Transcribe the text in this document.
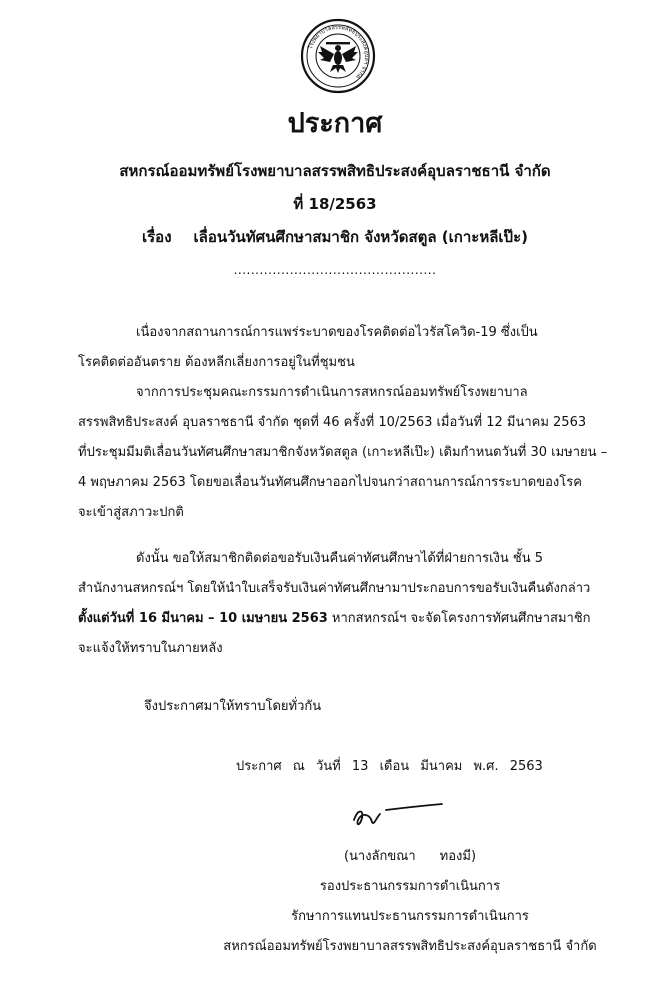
โรงพยาบาลสรรพสิทธิประสงค์อุบลฯ จำกัด
ประกาศ
สหกรณ์ออมทรัพย์โรงพยาบาลสรรพสิทธิประสงค์อุบลราชธานี จำกัด
ที่ 18/2563
เรื่อง เลื่อนวันทัศนศึกษาสมาชิก จังหวัดสตูล (เกาะหลีเป๊ะ)
...............................................
เนื่องจากสถานการณ์การแพร่ระบาดของโรคติดต่อไวรัสโควิด-19 ซึ่งเป็น
โรคติดต่ออันตราย ต้องหลีกเลี่ยงการอยู่ในที่ชุมชน
จากการประชุมคณะกรรมการดำเนินการสหกรณ์ออมทรัพย์โรงพยาบาล
สรรพสิทธิประสงค์ อุบลราชธานี จำกัด ชุดที่ 46 ครั้งที่ 10/2563 เมื่อวันที่ 12 มีนาคม 2563
ที่ประชุมมีมติเลื่อนวันทัศนศึกษาสมาชิกจังหวัดสตูล (เกาะหลีเป๊ะ) เดิมกำหนดวันที่ 30 เมษายน –
4 พฤษภาคม 2563 โดยขอเลื่อนวันทัศนศึกษาออกไปจนกว่าสถานการณ์การระบาดของโรค
จะเข้าสู่สภาวะปกติ
ดังนั้น ขอให้สมาชิกติดต่อขอรับเงินคืนค่าทัศนศึกษาได้ที่ฝ่ายการเงิน ชั้น 5
สำนักงานสหกรณ์ฯ โดยให้นำใบเสร็จรับเงินค่าทัศนศึกษามาประกอบการขอรับเงินคืนดังกล่าว
ตั้งแต่วันที่ 16 มีนาคม – 10 เมษายน 2563 หากสหกรณ์ฯ จะจัดโครงการทัศนศึกษาสมาชิก
จะแจ้งให้ทราบในภายหลัง
จึงประกาศมาให้ทราบโดยทั่วกัน
ประกาศ ณ วันที่ 13 เดือน มีนาคม พ.ศ. 2563
(นางลักขณา ทองมี)
รองประธานกรรมการดำเนินการ
รักษาการแทนประธานกรรมการดำเนินการ
สหกรณ์ออมทรัพย์โรงพยาบาลสรรพสิทธิประสงค์อุบลราชธานี จำกัด
